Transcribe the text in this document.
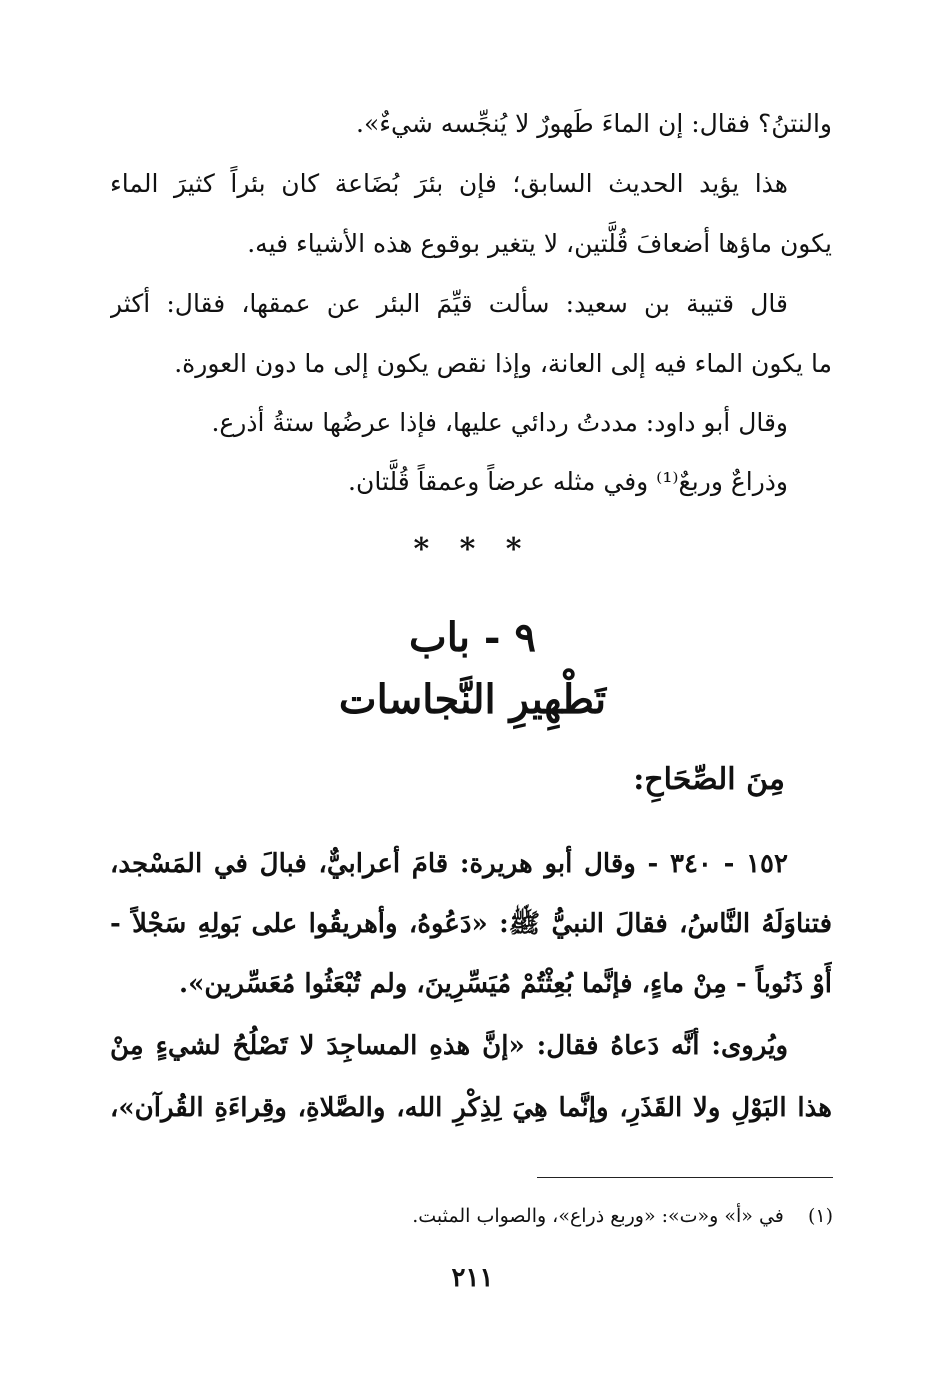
والنتنُ؟ فقال: إن الماءَ طَهورٌ لا يُنجِّسه شيءٌ».
هذا يؤيد الحديث السابق؛ فإن بئرَ بُضَاعة كان بئراً كثيرَ الماء
يكون ماؤها أضعافَ قُلَّتين، لا يتغير بوقوع هذه الأشياء فيه.
قال قتيبة بن سعيد: سألت قيِّمَ البئر عن عمقها، فقال: أكثر
ما يكون الماء فيه إلى العانة، وإذا نقص يكون إلى ما دون العورة.
وقال أبو داود: مددتُ ردائي عليها، فإذا عرضُها ستةُ أذرع.
وذراعٌ وربعٌ⁽¹⁾ وفي مثله عرضاً وعمقاً قُلَّتان.
* * *
٩ - باب
تَطْهِيرِ النَّجاسات
مِنَ الصِّحَاحِ:
١٥٢ - ٣٤٠ - وقال أبو هريرة: قامَ أعرابيٌّ، فبالَ في المَسْجد،
فتناوَلَهُ النَّاسُ، فقالَ النبيُّ ﷺ: «دَعُوهُ، وأهريقُوا على بَولِهِ سَجْلاً -
أَوْ ذَنُوباً - مِنْ ماءٍ، فإنَّما بُعِثْتُمْ مُيَسِّرِينَ، ولم تُبْعَثُوا مُعَسِّرين».
ويُروى: أنَّه دَعاهُ فقال: «إنَّ هذهِ المساجِدَ لا تَصْلُحُ لشيءٍ مِنْ
هذا البَوْلِ ولا القَذَرِ، وإنَّما هِيَ لِذِكْرِ الله، والصَّلاةِ، وقِراءَةِ القُرآن»،
(١) في «أ» و«ت»: «وربع ذراع»، والصواب المثبت.
٢١١
